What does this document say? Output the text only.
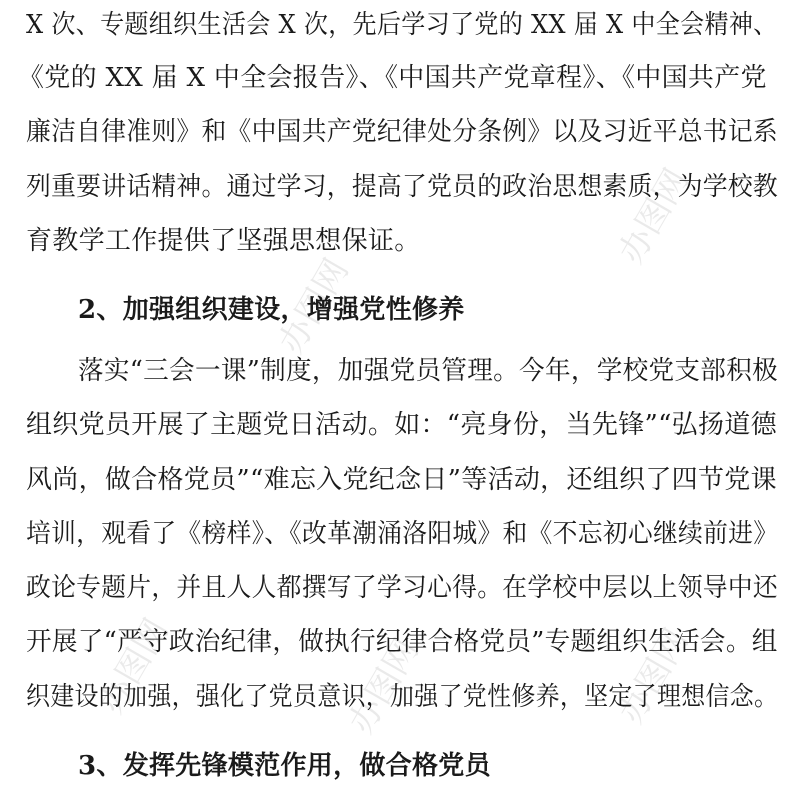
办图网
办图网
办图网	办图网	办图网
X 次、专题组织生活会 X 次，先后学习了党的 XX 届 X 中全会精神、
《党的 XX 届 X 中全会报告》、《中国共产党章程》、《中国共产党
廉洁自律准则》和《中国共产党纪律处分条例》以及习近平总书记系
列重要讲话精神。通过学习，提高了党员的政治思想素质，为学校教
育教学工作提供了坚强思想保证。
2、加强组织建设，增强党性修养
落实“三会一课”制度，加强党员管理。今年，学校党支部积极
组织党员开展了主题党日活动。如：“亮身份，当先锋”“弘扬道德
风尚，做合格党员”“难忘入党纪念日”等活动，还组织了四节党课
培训，观看了《榜样》、《改革潮涌洛阳城》和《不忘初心继续前进》
政论专题片，并且人人都撰写了学习心得。在学校中层以上领导中还
开展了“严守政治纪律，做执行纪律合格党员”专题组织生活会。组
织建设的加强，强化了党员意识，加强了党性修养，坚定了理想信念。
3、发挥先锋模范作用，做合格党员
